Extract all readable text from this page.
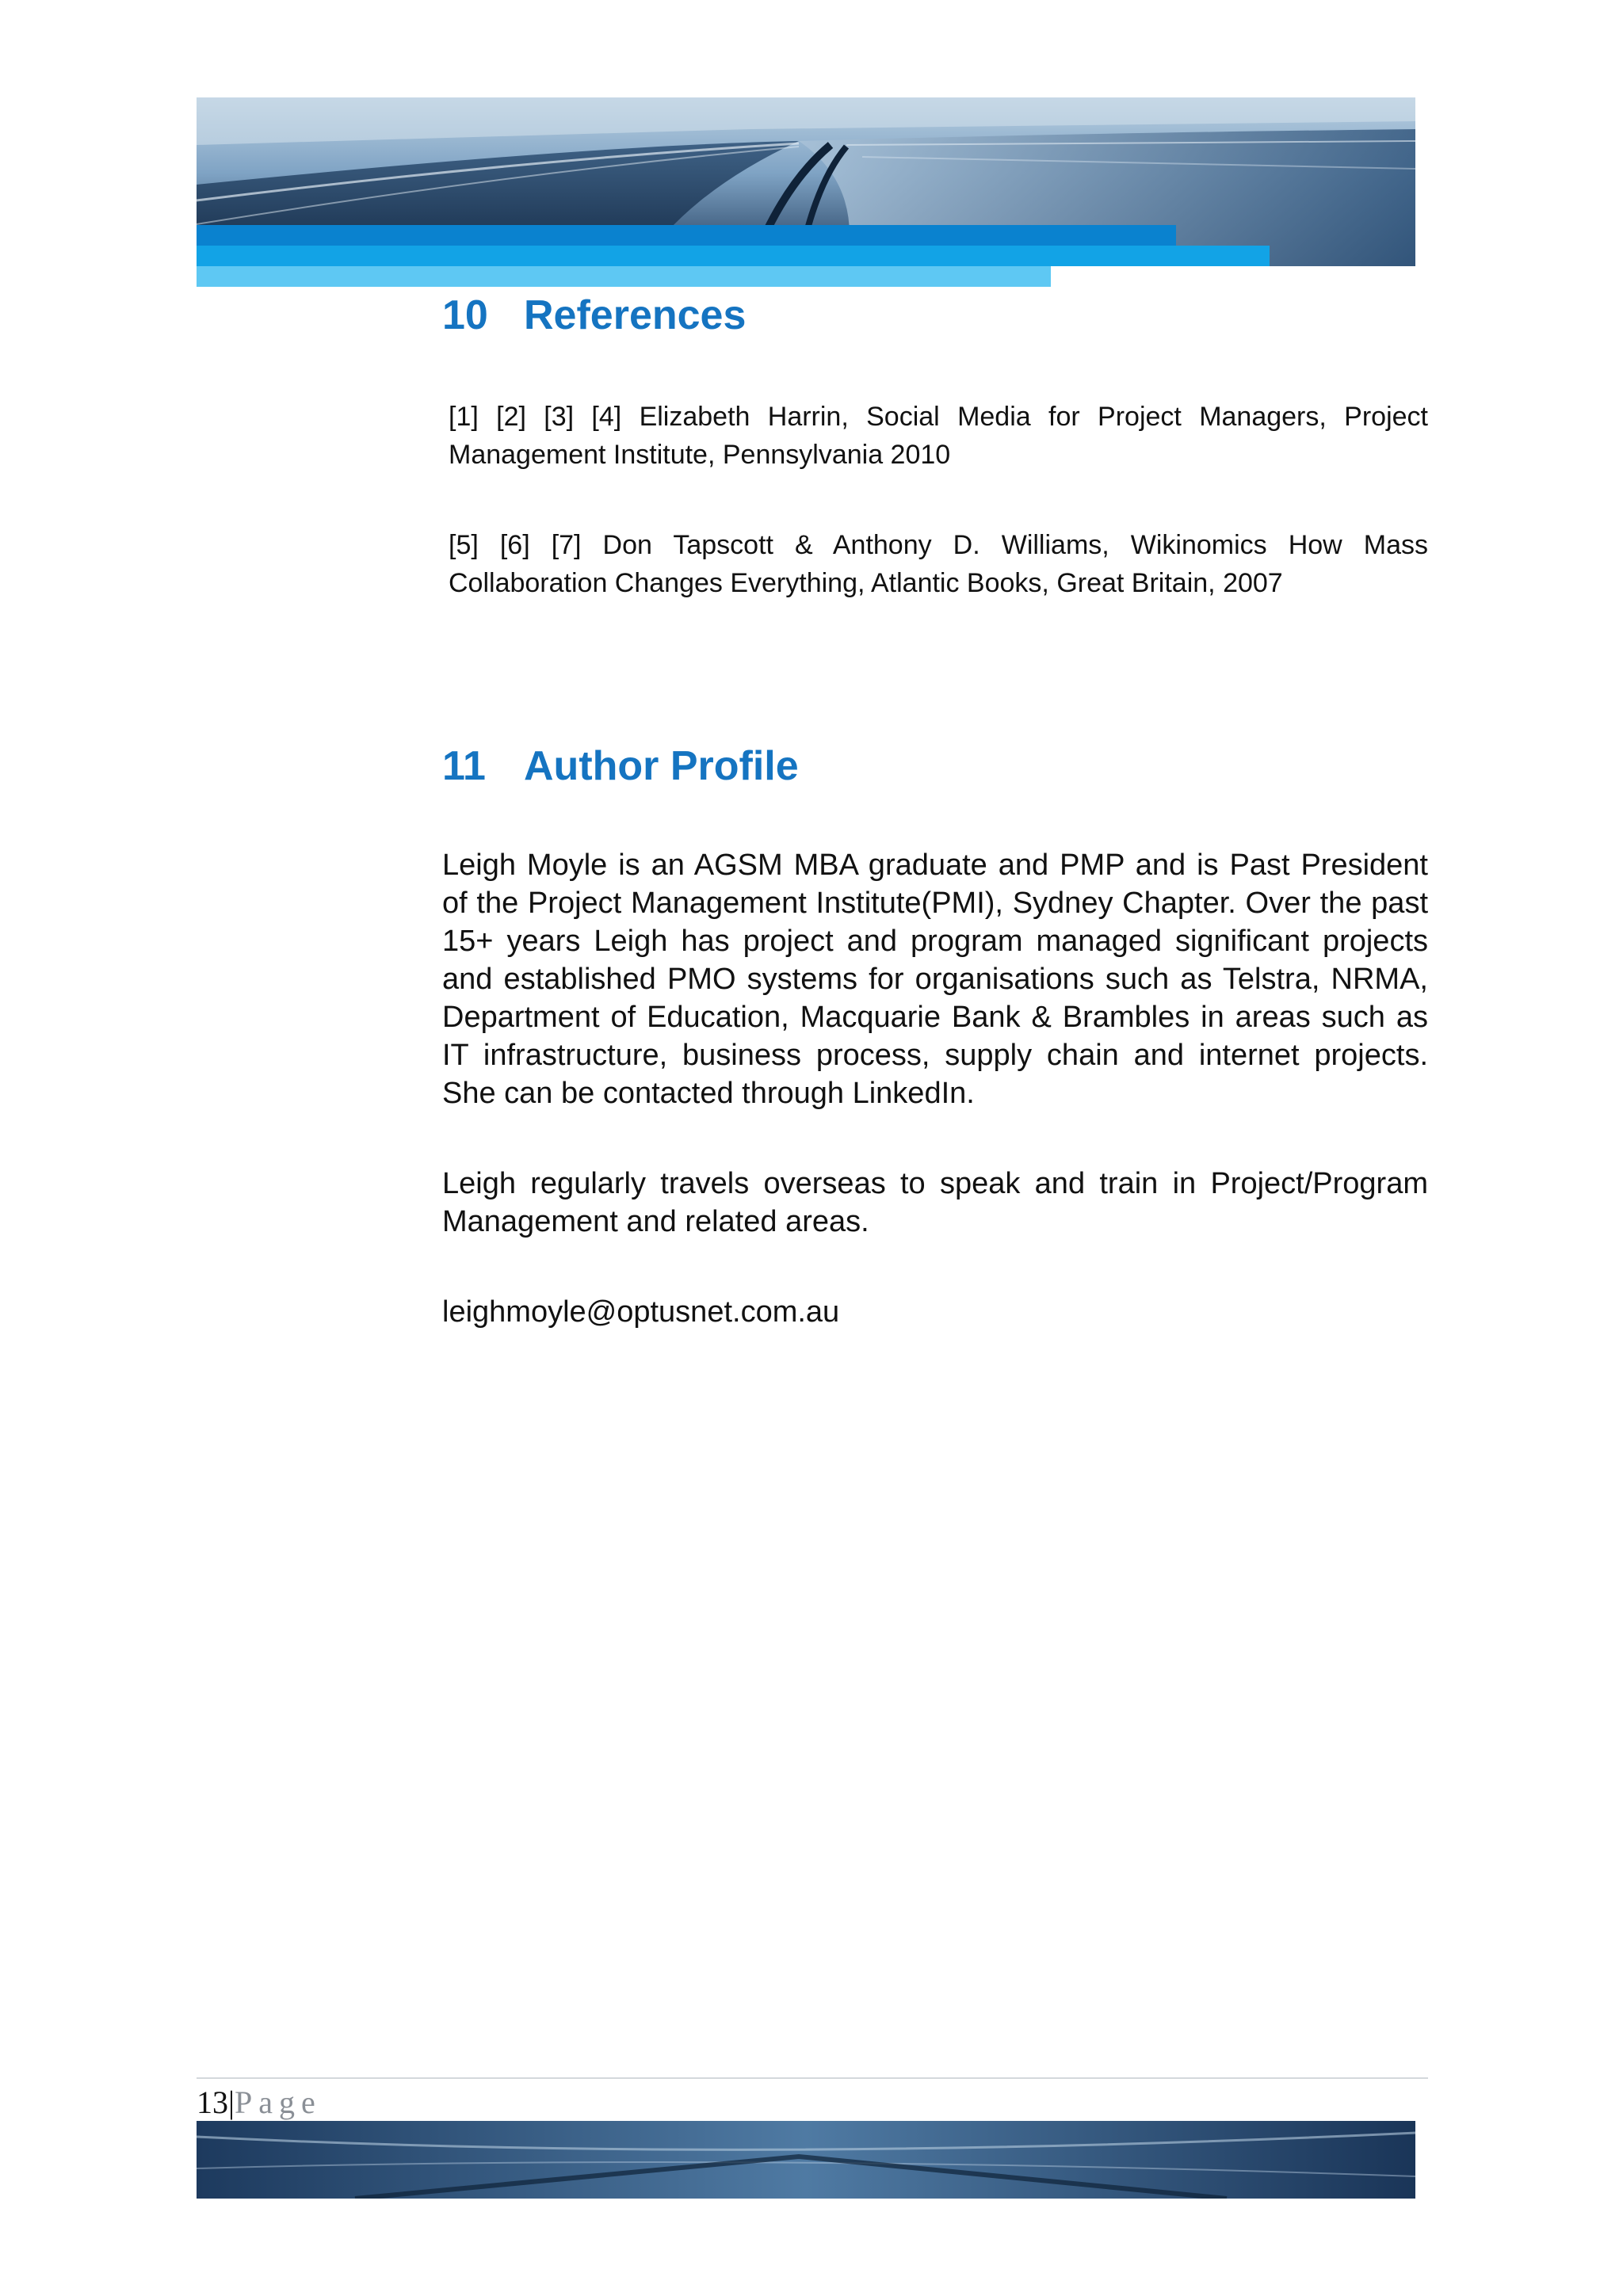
10 References

[1] [2] [3] [4] Elizabeth Harrin, Social Media for Project Managers, Project Management Institute, Pennsylvania 2010

[5] [6] [7] Don Tapscott & Anthony D. Williams, Wikinomics How Mass Collaboration Changes Everything, Atlantic Books, Great Britain, 2007

11 Author Profile

Leigh Moyle is an AGSM MBA graduate and PMP and is Past President of the Project Management Institute(PMI), Sydney Chapter. Over the past 15+ years Leigh has project and program managed significant projects and established PMO systems for organisations such as Telstra, NRMA, Department of Education, Macquarie Bank & Brambles in areas such as IT infrastructure, business process, supply chain and internet projects. She can be contacted through LinkedIn.

Leigh regularly travels overseas to speak and train in Project/Program Management and related areas.

leighmoyle@optusnet.com.au

13|Page
